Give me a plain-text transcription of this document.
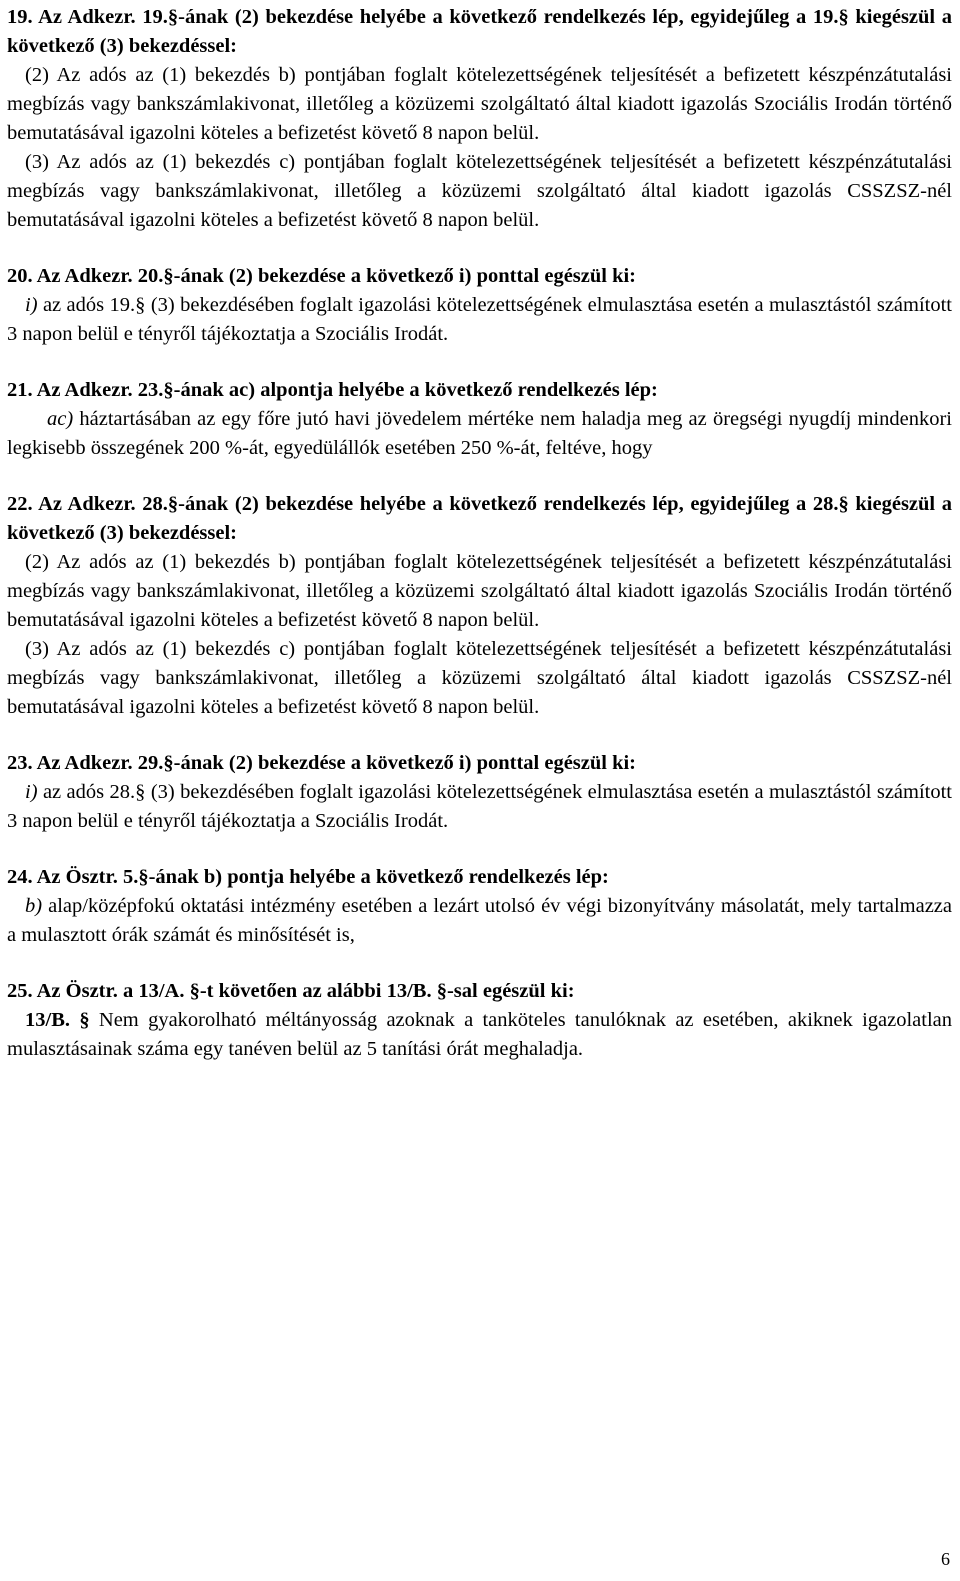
19. Az Adkezr. 19.§-ának (2) bekezdése helyébe a következő rendelkezés lép, egyidejűleg a 19.§ kiegészül a következő (3) bekezdéssel:
(2) Az adós az (1) bekezdés b) pontjában foglalt kötelezettségének teljesítését a befizetett készpénzátutalási megbízás vagy bankszámlakivonat, illetőleg a közüzemi szolgáltató által kiadott igazolás Szociális Irodán történő bemutatásával igazolni köteles a befizetést követő 8 napon belül.
(3) Az adós az (1) bekezdés c) pontjában foglalt kötelezettségének teljesítését a befizetett készpénzátutalási megbízás vagy bankszámlakivonat, illetőleg a közüzemi szolgáltató által kiadott igazolás CSSZSZ-nél bemutatásával igazolni köteles a befizetést követő 8 napon belül.
20. Az Adkezr. 20.§-ának (2) bekezdése a következő i) ponttal egészül ki:
i) az adós 19.§ (3) bekezdésében foglalt igazolási kötelezettségének elmulasztása esetén a mulasztástól számított 3 napon belül e tényről tájékoztatja a Szociális Irodát.
21. Az Adkezr. 23.§-ának ac) alpontja helyébe a következő rendelkezés lép:
ac) háztartásában az egy főre jutó havi jövedelem mértéke nem haladja meg az öregségi nyugdíj mindenkori legkisebb összegének 200 %-át, egyedülállók esetében 250 %-át, feltéve, hogy
22. Az Adkezr. 28.§-ának (2) bekezdése helyébe a következő rendelkezés lép, egyidejűleg a 28.§ kiegészül a következő (3) bekezdéssel:
(2) Az adós az (1) bekezdés b) pontjában foglalt kötelezettségének teljesítését a befizetett készpénzátutalási megbízás vagy bankszámlakivonat, illetőleg a közüzemi szolgáltató által kiadott igazolás Szociális Irodán történő bemutatásával igazolni köteles a befizetést követő 8 napon belül.
(3) Az adós az (1) bekezdés c) pontjában foglalt kötelezettségének teljesítését a befizetett készpénzátutalási megbízás vagy bankszámlakivonat, illetőleg a közüzemi szolgáltató által kiadott igazolás CSSZSZ-nél bemutatásával igazolni köteles a befizetést követő 8 napon belül.
23. Az Adkezr. 29.§-ának (2) bekezdése a következő i) ponttal egészül ki:
i) az adós 28.§ (3) bekezdésében foglalt igazolási kötelezettségének elmulasztása esetén a mulasztástól számított 3 napon belül e tényről tájékoztatja a Szociális Irodát.
24. Az Ösztr. 5.§-ának b) pontja helyébe a következő rendelkezés lép:
b) alap/középfokú oktatási intézmény esetében a lezárt utolsó év végi bizonyítvány másolatát, mely tartalmazza a mulasztott órák számát és minősítését is,
25. Az Ösztr. a 13/A. §-t követően az alábbi 13/B. §-sal egészül ki:
13/B. § Nem gyakorolható méltányosság azoknak a tanköteles tanulóknak az esetében, akiknek igazolatlan mulasztásainak száma egy tanéven belül az 5 tanítási órát meghaladja.
6
